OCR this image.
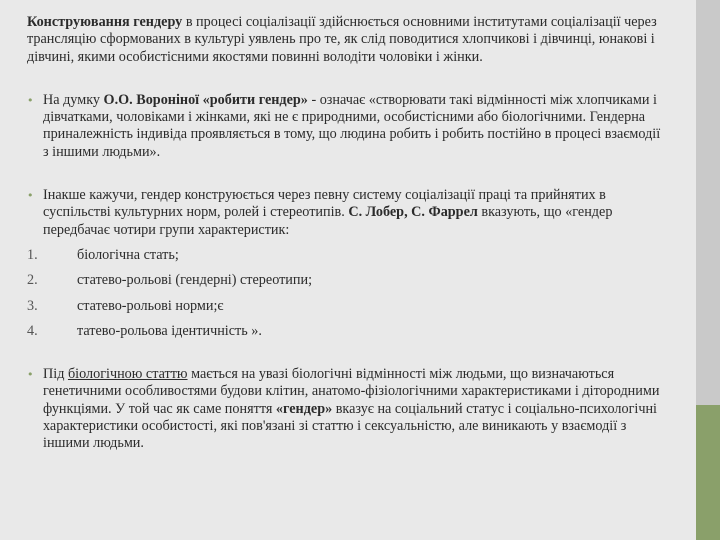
Конструювання гендеру в процесі соціалізації здійснюється основними інститутами соціалізації через трансляцію сформованих в культурі уявлень про те, як слід поводитися хлопчикові і дівчинці, юнакові і дівчині, якими особистісними якостями повинні володіти чоловіки і жінки.

• На думку О.О. Вороніної «робити гендер» - означає «створювати такі відмінності між хлопчиками і дівчатками, чоловіками і жінками, які не є природними, особистісними або біологічними. Гендерна приналежність індивіда проявляється в тому, що людина робить і робить постійно в процесі взаємодії з іншими людьми».
• Інакше кажучи, гендер конструюється через певну систему соціалізації праці та прийнятих в суспільстві культурних норм, ролей і стереотипів. С. Лобер, С. Фаррел вказують, що «гендер передбачає чотири групи характеристик:
1.	біологічна стать;
2.	статево-рольові (гендерні) стереотипи;
3.	статево-рольові норми;є
4.	татево-рольова ідентичність ».
• Під біологічною статтю мається на увазі біологічні відмінності між людьми, що визначаються генетичними особливостями будови клітин, анатомо-фізіологічними характеристиками і дітородними функціями. У той час як саме поняття «гендер» вказує на соціальний статус і соціально-психологічні характеристики особистості, які пов'язані зі статтю і сексуальністю, але виникають у взаємодії з іншими людьми.
